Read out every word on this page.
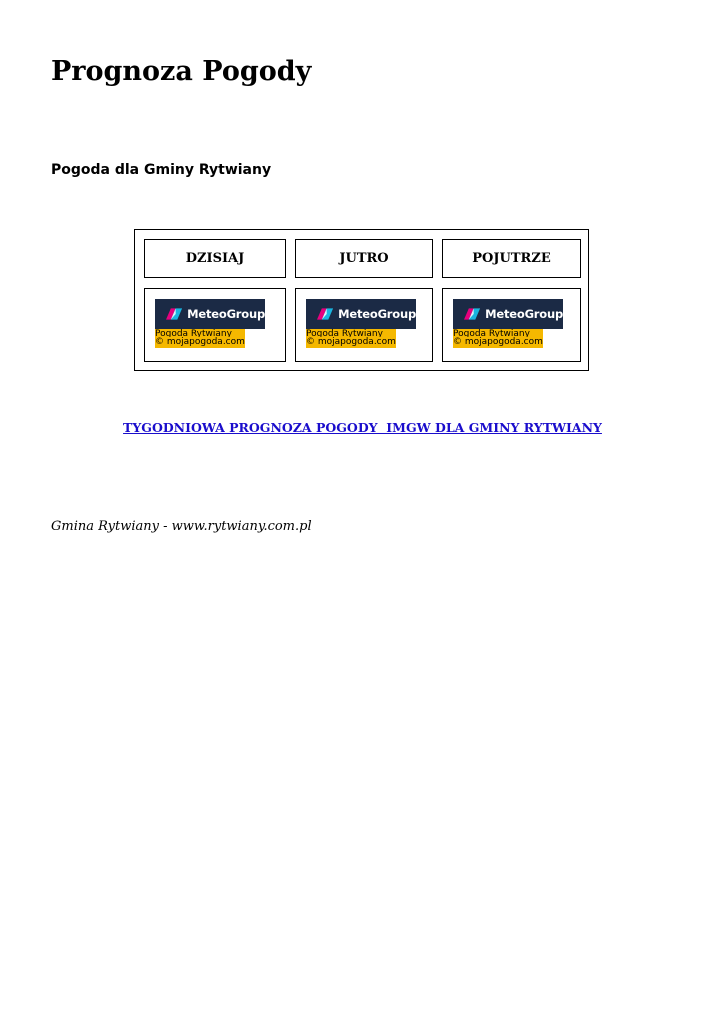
Prognoza Pogody
Pogoda dla Gminy Rytwiany
DZISIAJ	JUTRO	POJUTRZE
MeteoGroup
Pogoda Rytwiany
© mojapogoda.com
MeteoGroup
Pogoda Rytwiany
© mojapogoda.com
MeteoGroup
Pogoda Rytwiany
© mojapogoda.com
TYGODNIOWA PROGNOZA POGODY  IMGW DLA GMINY RYTWIANY

Gmina Rytwiany - www.rytwiany.com.pl
